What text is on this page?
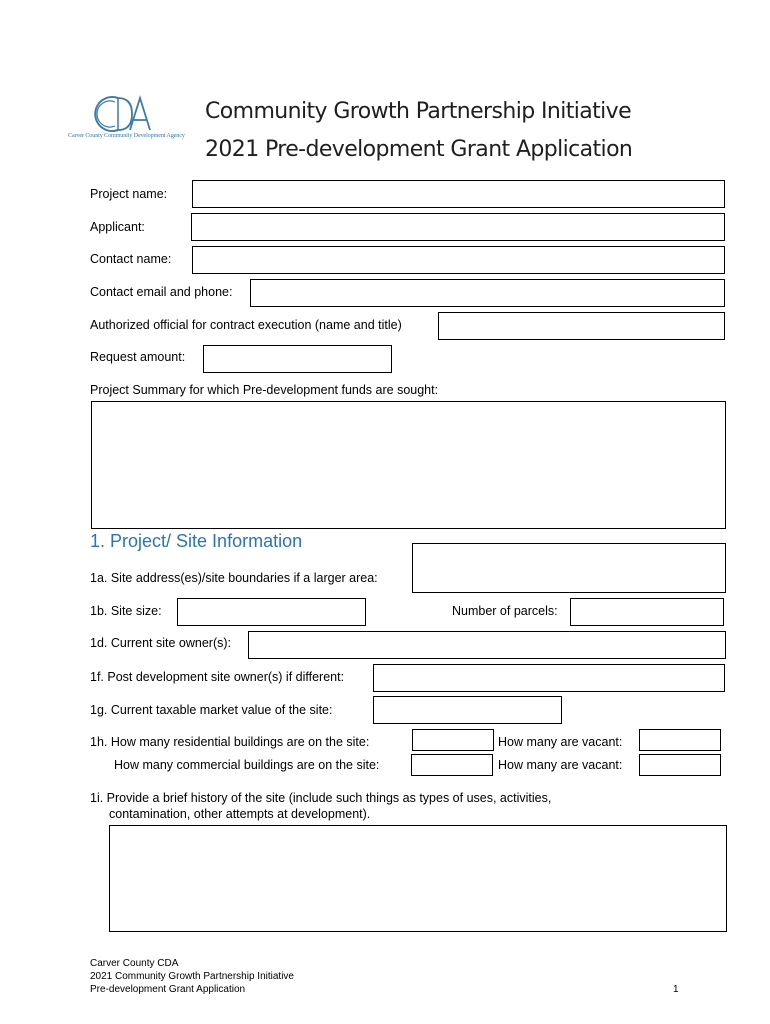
Carver County Community Development Agency
Community Growth Partnership Initiative
2021 Pre-development Grant Application
Project name:
Applicant:
Contact name:
Contact email and phone:
Authorized official for contract execution (name and title)
Request amount:
Project Summary for which Pre-development funds are sought:
1. Project/ Site Information
1a. Site address(es)/site boundaries if a larger area:
1b. Site size:	Number of parcels:
1d. Current site owner(s):
1f. Post development site owner(s) if different:
1g. Current taxable market value of the site:
1h. How many residential buildings are on the site:	How many are vacant:
How many commercial buildings are on the site:	How many are vacant:
1i. Provide a brief history of the site (include such things as types of uses, activities,
contamination, other attempts at development).
Carver County CDA
2021 Community Growth Partnership Initiative
Pre-development Grant Application	1
